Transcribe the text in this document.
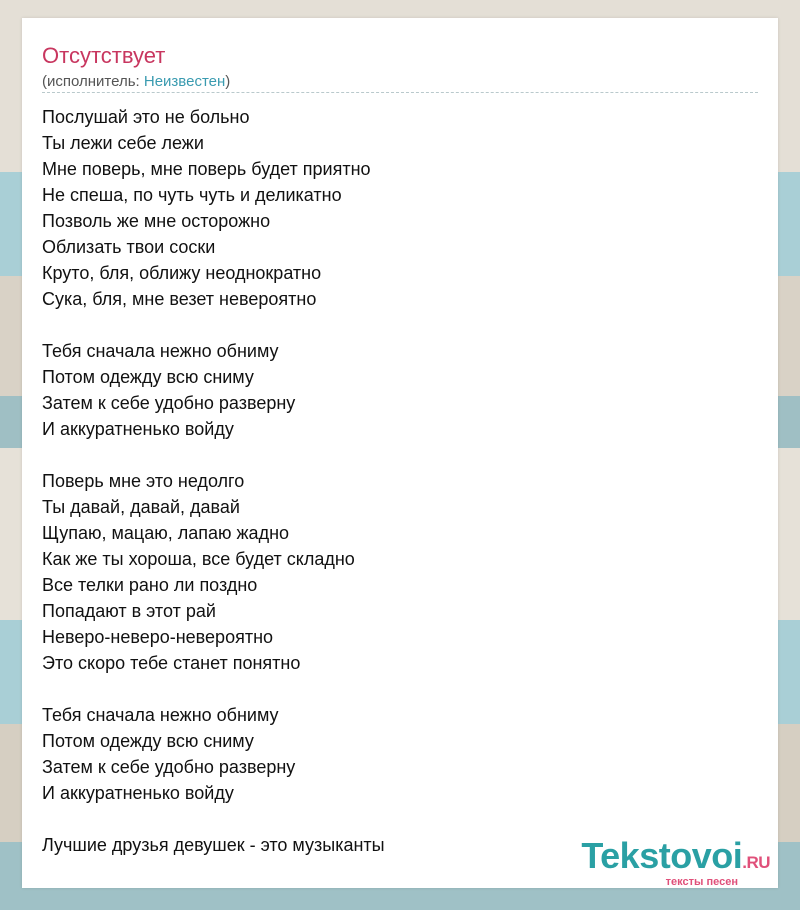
Отсутствует
(исполнитель: Неизвестен)
Послушай это не больно
Ты лежи себе лежи
Мне поверь, мне поверь будет приятно
Не спеша, по чуть чуть и деликатно
Позволь же мне осторожно
Облизать твои соски
Круто, бля, оближу неоднократно
Сука, бля, мне везет невероятно
Тебя сначала нежно обниму
Потом одежду всю сниму
Затем к себе удобно разверну
И аккуратненько войду
Поверь мне это недолго
Ты давай, давай, давай
Щупаю, мацаю, лапаю жадно
Как же ты хороша, все будет складно
Все телки рано ли поздно
Попадают в этот рай
Неверо-неверо-невероятно
Это скоро тебе станет понятно
Тебя сначала нежно обниму
Потом одежду всю сниму
Затем к себе удобно разверну
И аккуратненько войду
Лучшие друзья девушек - это музыканты	Tekstovoi.RU
тексты песен
